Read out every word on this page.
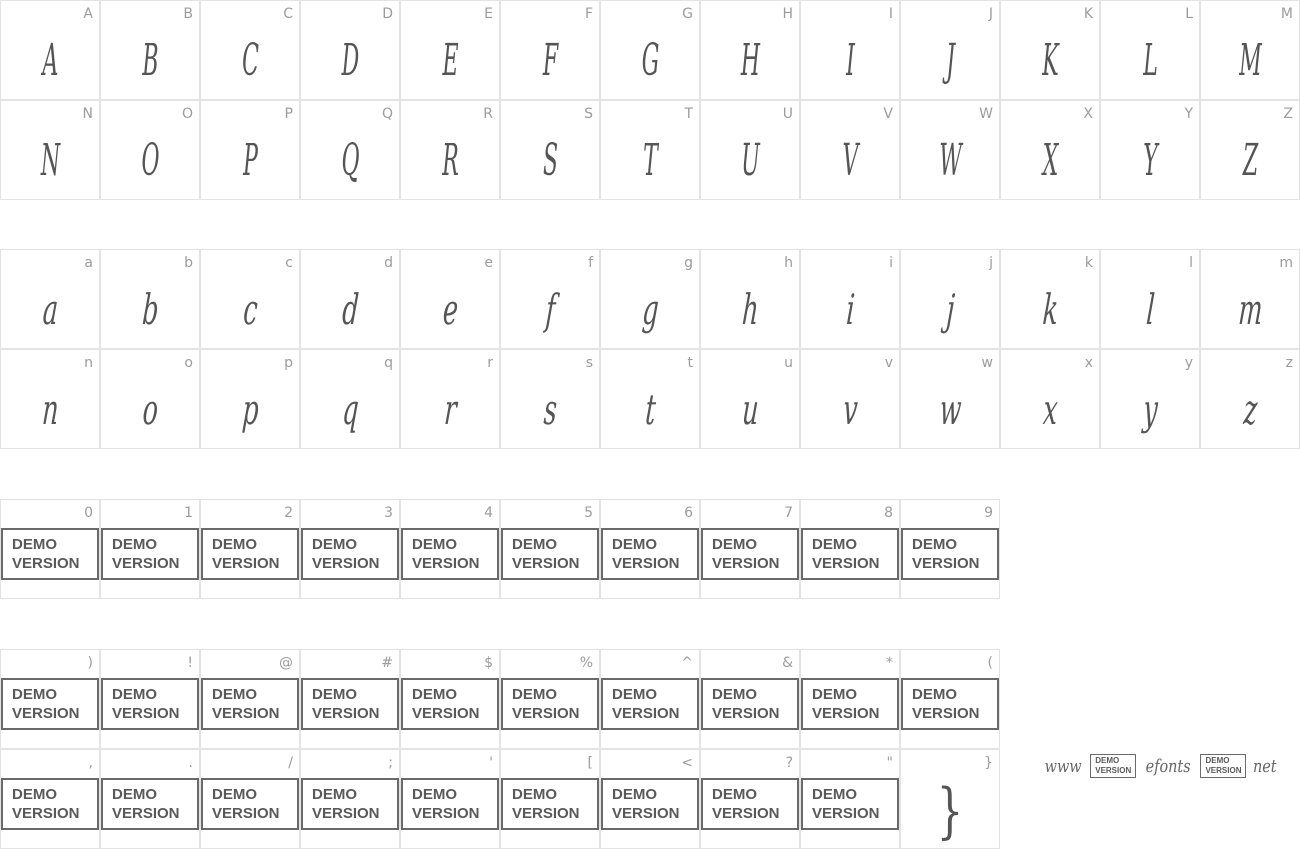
A
A
B
B
C
C
D
D
E
E
F
F
G
G
H
H
I
I
J
J
K
K
L
L
M
M
N
N
O
O
P
P
Q
Q
R
R
S
S
T
T
U
U
V
V
W
W
X
X
Y
Y
Z
Z
a
a
b
b
c
c
d
d
e
e
f
f
g
g
h
h
i
i
j
j
k
k
l
l
m
m
n
n
o
o
p
p
q
q
r
r
s
s
t
t
u
u
v
v
w
w
x
x
y
y
z
z
0
DEMO
VERSION
1
DEMO
VERSION
2
DEMO
VERSION
3
DEMO
VERSION
4
DEMO
VERSION
5
DEMO
VERSION
6
DEMO
VERSION
7
DEMO
VERSION
8
DEMO
VERSION
9
DEMO
VERSION
)
DEMO
VERSION
!
DEMO
VERSION
@
DEMO
VERSION
#
DEMO
VERSION
$
DEMO
VERSION
%
DEMO
VERSION
^
DEMO
VERSION
&
DEMO
VERSION
*
DEMO
VERSION
(
DEMO
VERSION
,
DEMO
VERSION
.
DEMO
VERSION
/
DEMO
VERSION
;
DEMO
VERSION
'
DEMO
VERSION
[
DEMO
VERSION
<
DEMO
VERSION
?
DEMO
VERSION
"
DEMO
VERSION
}
}
www DEMO
VERSION efonts DEMO
VERSION net
